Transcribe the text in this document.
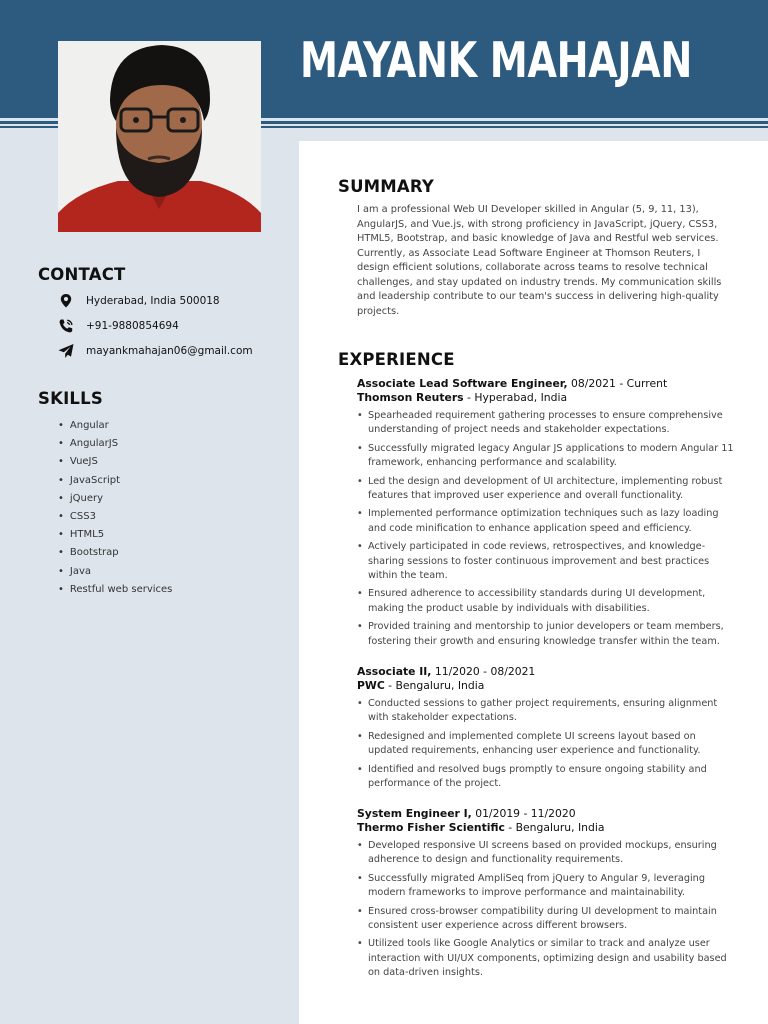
MAYANK MAHAJAN
CONTACT
Hyderabad, India 500018
+91-9880854694
mayankmahajan06@gmail.com
SKILLS
• Angular
• AngularJS
• VueJS
• JavaScript
• jQuery
• CSS3
• HTML5
• Bootstrap
• Java
• Restful web services
SUMMARY

I am a professional Web UI Developer skilled in Angular (5, 9, 11, 13), AngularJS, and Vue.js, with strong proficiency in JavaScript, jQuery, CSS3, HTML5, Bootstrap, and basic knowledge of Java and Restful web services. Currently, as Associate Lead Software Engineer at Thomson Reuters, I design efficient solutions, collaborate across teams to resolve technical challenges, and stay updated on industry trends. My communication skills and leadership contribute to our team's success in delivering high-quality projects.

EXPERIENCE
Associate Lead Software Engineer, 08/2021 - Current
Thomson Reuters - Hyperabad, India
• Spearheaded requirement gathering processes to ensure comprehensive understanding of project needs and stakeholder expectations.
• Successfully migrated legacy Angular JS applications to modern Angular 11 framework, enhancing performance and scalability.
• Led the design and development of UI architecture, implementing robust features that improved user experience and overall functionality.
• Implemented performance optimization techniques such as lazy loading and code minification to enhance application speed and efficiency.
• Actively participated in code reviews, retrospectives, and knowledge-sharing sessions to foster continuous improvement and best practices within the team.
• Ensured adherence to accessibility standards during UI development, making the product usable by individuals with disabilities.
• Provided training and mentorship to junior developers or team members, fostering their growth and ensuring knowledge transfer within the team.
Associate II, 11/2020 - 08/2021
PWC - Bengaluru, India
• Conducted sessions to gather project requirements, ensuring alignment with stakeholder expectations.
• Redesigned and implemented complete UI screens layout based on updated requirements, enhancing user experience and functionality.
• Identified and resolved bugs promptly to ensure ongoing stability and performance of the project.
System Engineer I, 01/2019 - 11/2020
Thermo Fisher Scientific - Bengaluru, India
• Developed responsive UI screens based on provided mockups, ensuring adherence to design and functionality requirements.
• Successfully migrated AmpliSeq from jQuery to Angular 9, leveraging modern frameworks to improve performance and maintainability.
• Ensured cross-browser compatibility during UI development to maintain consistent user experience across different browsers.
• Utilized tools like Google Analytics or similar to track and analyze user interaction with UI/UX components, optimizing design and usability based on data-driven insights.
